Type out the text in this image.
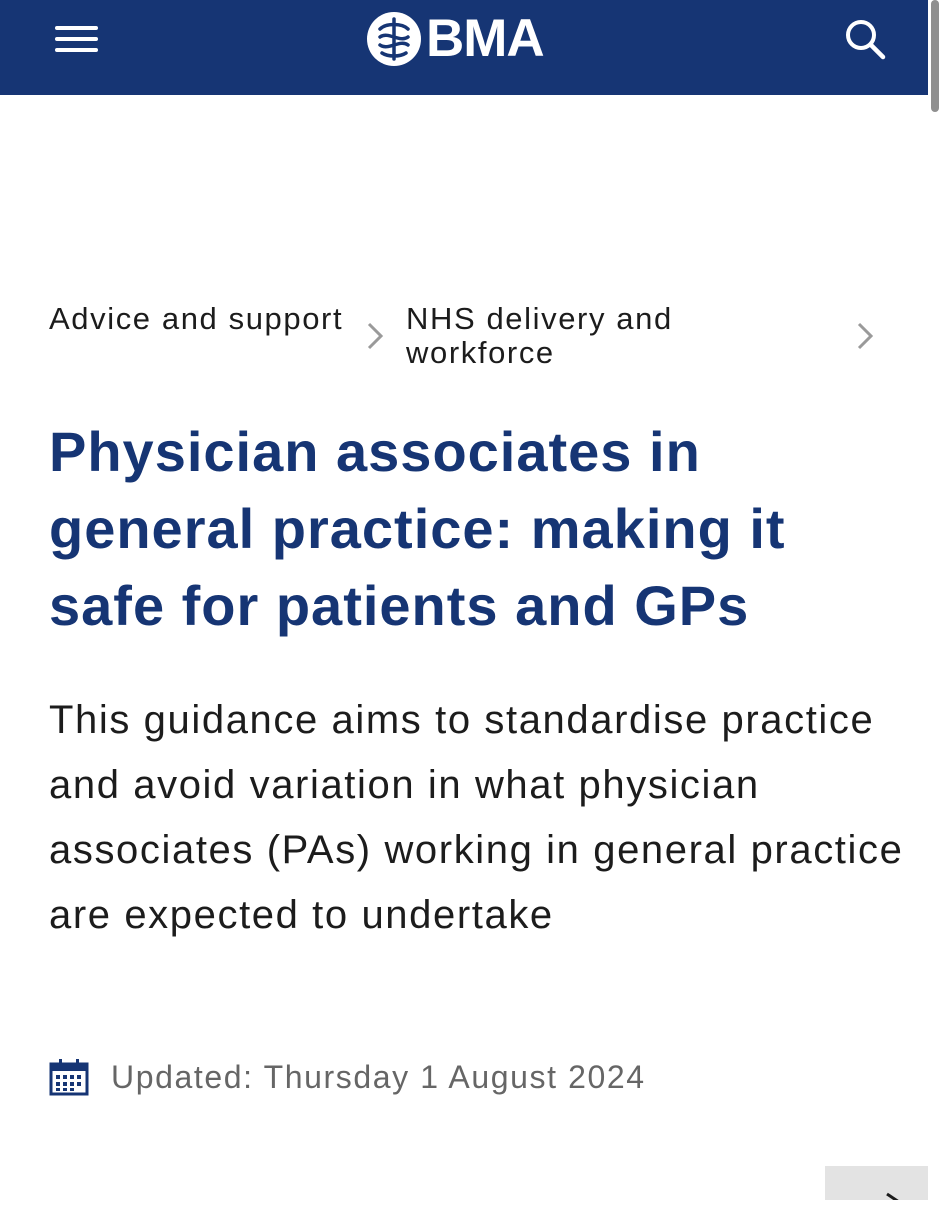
BMA
Advice and support NHS delivery and workforce
Physician associates in general practice: making it safe for patients and GPs

This guidance aims to standardise practice and avoid variation in what physician associates (PAs) working in general practice are expected to undertake

Updated: Thursday 1 August 2024
